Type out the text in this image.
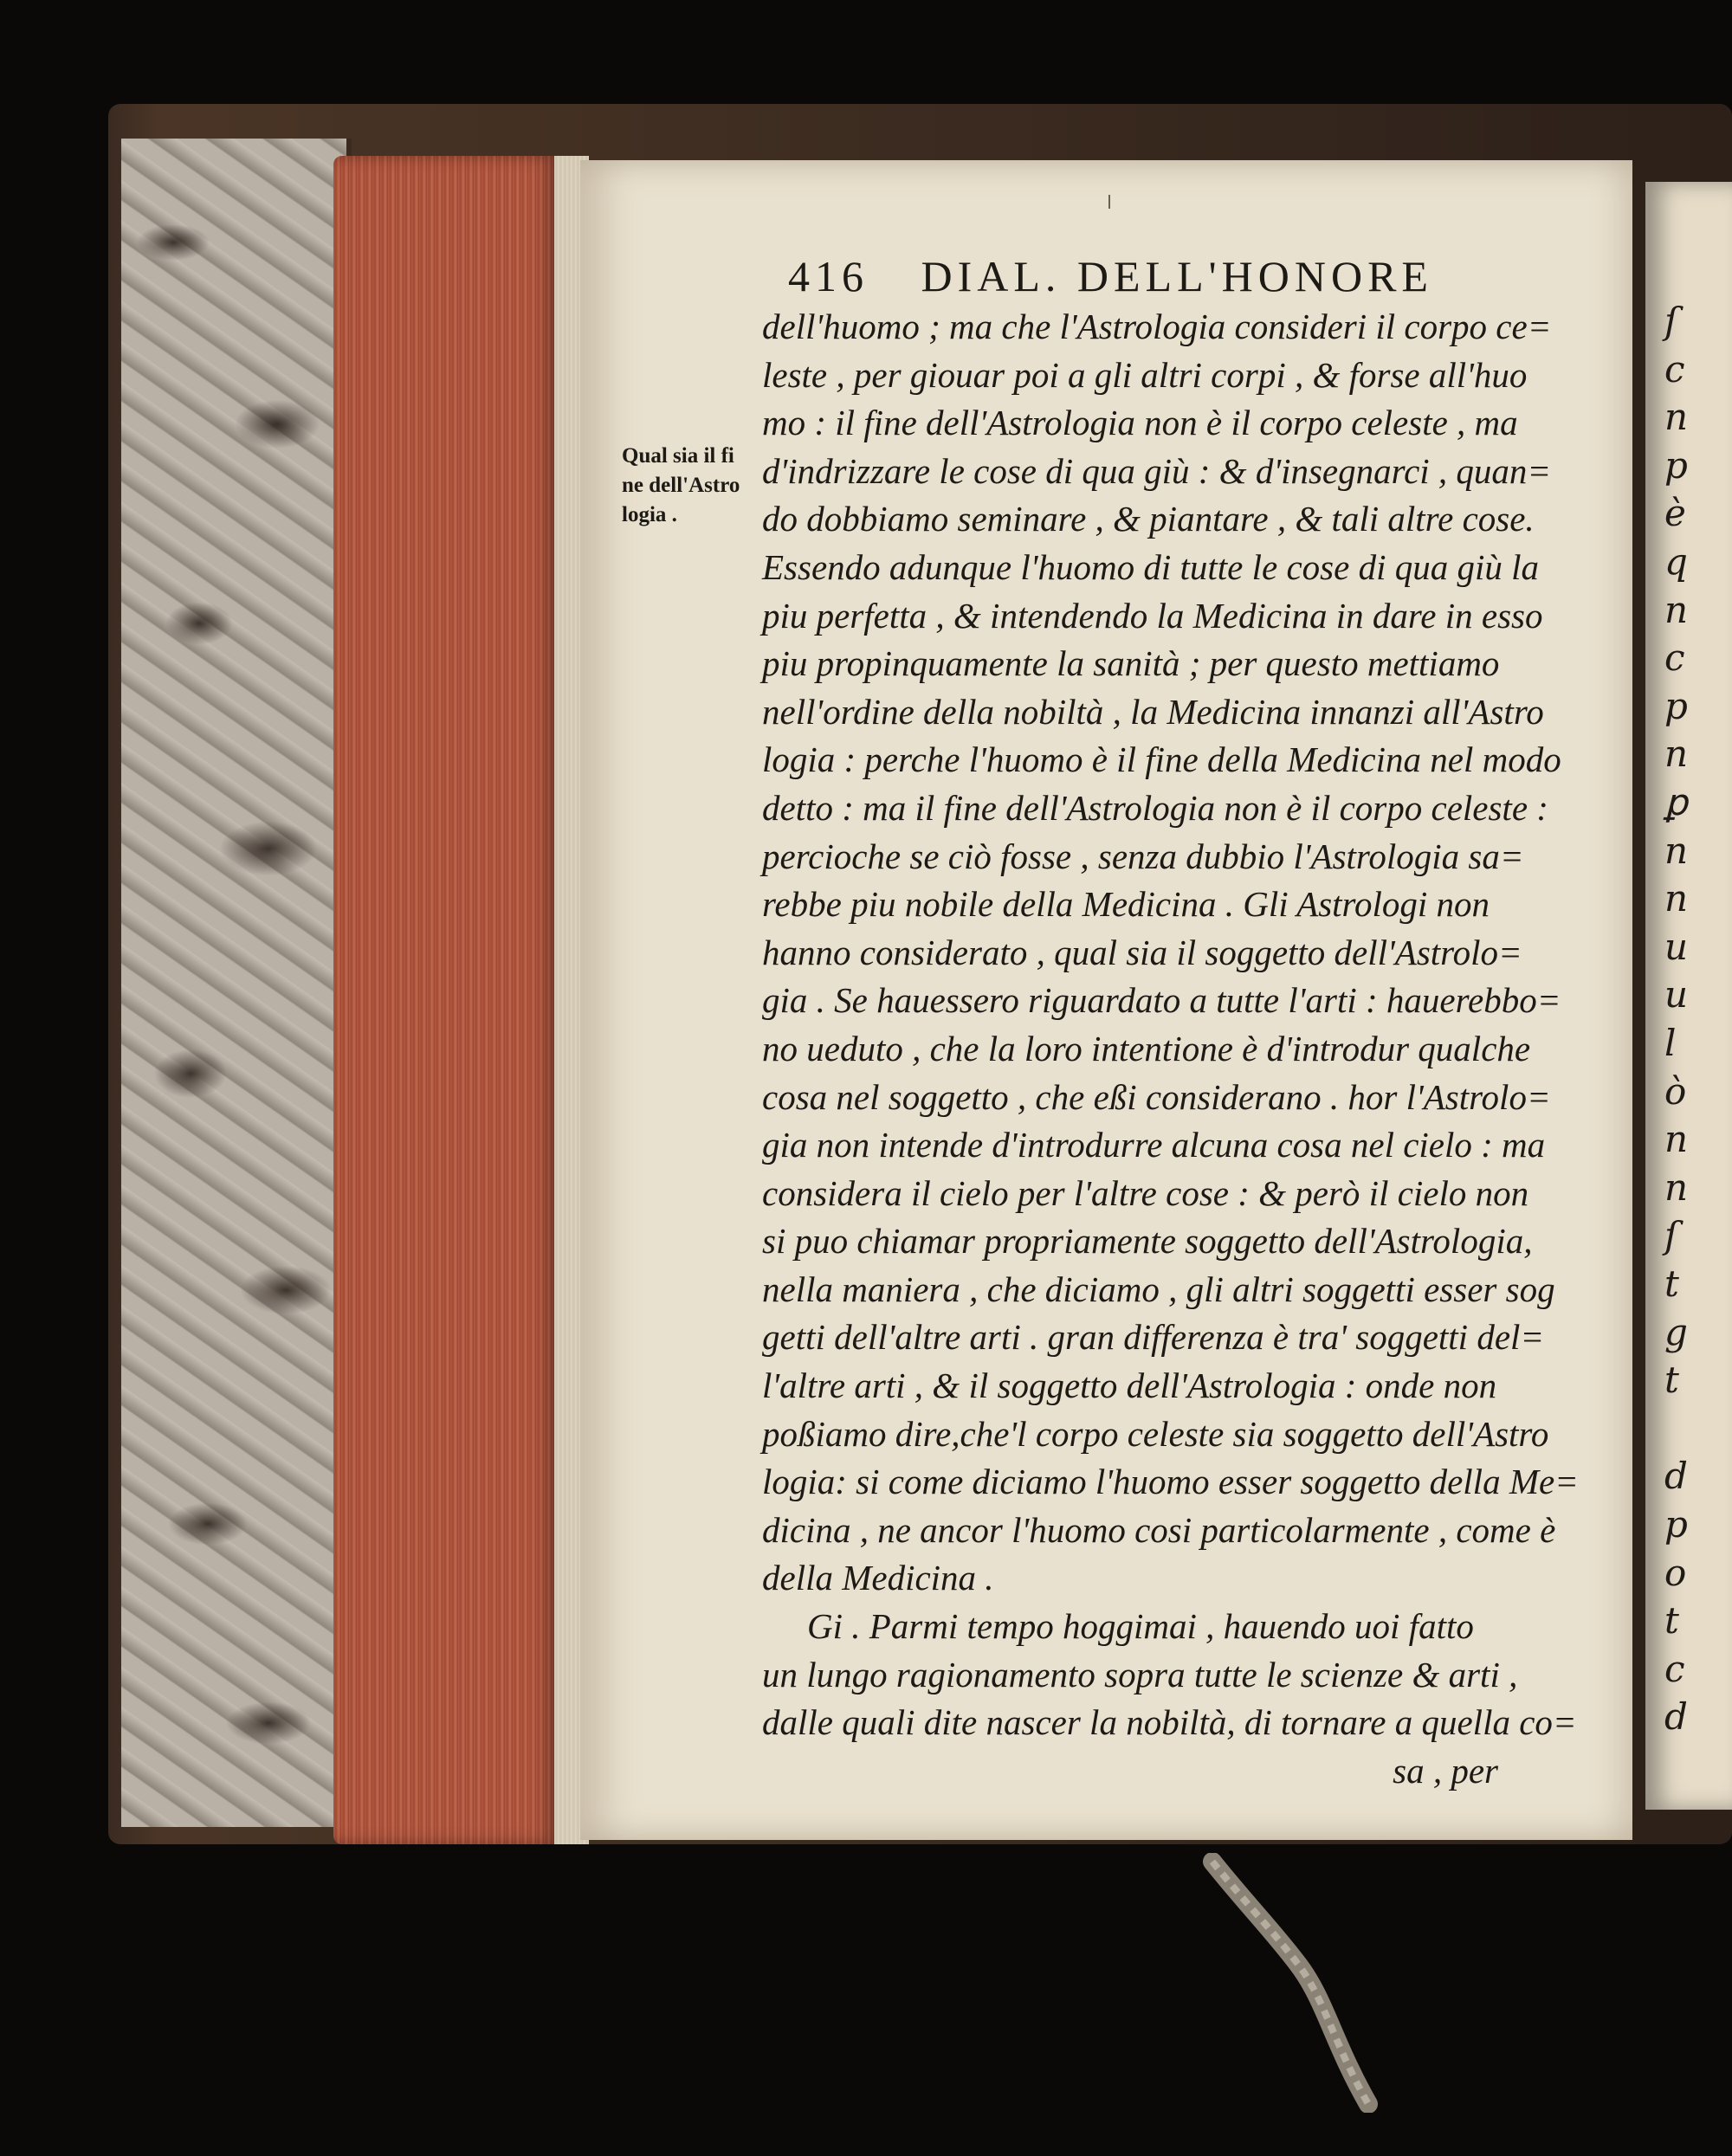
416 DIAL. DELL'HONORE
Qual sia il fi
ne dell'Astro
logia .
dell'huomo ; ma che l'Astrologia consideri il corpo ce=
leste , per giouar poi a gli altri corpi , & forse all'huo
mo : il fine dell'Astrologia non è il corpo celeste , ma
d'indrizzare le cose di qua giù : & d'insegnarci , quan=
do dobbiamo seminare , & piantare , & tali altre cose.
Essendo adunque l'huomo di tutte le cose di qua giù la
piu perfetta , & intendendo la Medicina in dare in esso
piu propinquamente la sanità ; per questo mettiamo
nell'ordine della nobiltà , la Medicina innanzi all'Astro
logia : perche l'huomo è il fine della Medicina nel modo
detto : ma il fine dell'Astrologia non è il corpo celeste :
percioche se ciò fosse , senza dubbio l'Astrologia sa=
rebbe piu nobile della Medicina . Gli Astrologi non
hanno considerato , qual sia il soggetto dell'Astrolo=
gia . Se hauessero riguardato a tutte l'arti : hauerebbo=
no ueduto , che la loro intentione è d'introdur qualche
cosa nel soggetto , che eßi considerano . hor l'Astrolo=
gia non intende d'introdurre alcuna cosa nel cielo : ma
considera il cielo per l'altre cose : & però il cielo non
si puo chiamar propriamente soggetto dell'Astrologia,
nella maniera , che diciamo , gli altri soggetti esser sog
getti dell'altre arti . gran differenza è tra' soggetti del=
l'altre arti , & il soggetto dell'Astrologia : onde non
poßiamo dire,che'l corpo celeste sia soggetto dell'Astro
logia: si come diciamo l'huomo esser soggetto della Me=
dicina , ne ancor l'huomo cosi particolarmente , come è
della Medicina .
Gi . Parmi tempo hoggimai , hauendo uoi fatto
un lungo ragionamento sopra tutte le scienze & arti ,
dalle quali dite nascer la nobiltà, di tornare a quella co=
sa , per
ſ
c
n
p
è
q
n
c
p
n
ꝑ
n
n
u
u
l
ò
n
n
ſ
t
g
t
d
p
o
t
c
d
